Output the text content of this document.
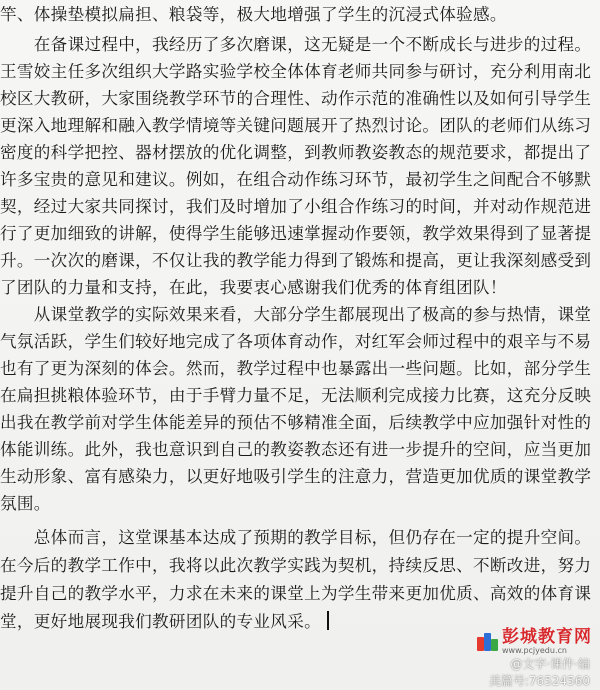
竿、体操垫模拟扁担、粮袋等，极大地增强了学生的沉浸式体验感。
　　在备课过程中，我经历了多次磨课，这无疑是一个不断成长与进步的过程。
王雪姣主任多次组织大学路实验学校全体体育老师共同参与研讨，充分利用南北
校区大教研，大家围绕教学环节的合理性、动作示范的准确性以及如何引导学生
更深入地理解和融入教学情境等关键问题展开了热烈讨论。团队的老师们从练习
密度的科学把控、器材摆放的优化调整，到教师教姿教态的规范要求，都提出了
许多宝贵的意见和建议。例如，在组合动作练习环节，最初学生之间配合不够默
契，经过大家共同探讨，我们及时增加了小组合作练习的时间，并对动作规范进
行了更加细致的讲解，使得学生能够迅速掌握动作要领，教学效果得到了显著提
升。一次次的磨课，不仅让我的教学能力得到了锻炼和提高，更让我深刻感受到
了团队的力量和支持，在此，我要衷心感谢我们优秀的体育组团队！
　　从课堂教学的实际效果来看，大部分学生都展现出了极高的参与热情，课堂
气氛活跃，学生们较好地完成了各项体育动作，对红军会师过程中的艰辛与不易
也有了更为深刻的体会。然而，教学过程中也暴露出一些问题。比如，部分学生
在扁担挑粮体验环节，由于手臂力量不足，无法顺利完成接力比赛，这充分反映
出我在教学前对学生体能差异的预估不够精准全面，后续教学中应加强针对性的
体能训练。此外，我也意识到自己的教姿教态还有进一步提升的空间，应当更加
生动形象、富有感染力，以更好地吸引学生的注意力，营造更加优质的课堂教学
氛围。
　　总体而言，这堂课基本达成了预期的教学目标，但仍存在一定的提升空间。
在今后的教学工作中，我将以此次教学实践为契机，持续反思、不断改进，努力
提升自己的教学水平，力求在未来的课堂上为学生带来更加优质、高效的体育课
堂，更好地展现我们教研团队的专业风采。
彭城教育网
www.pcjyedu.cn
@文字·课件·编
美篇号:76524560
